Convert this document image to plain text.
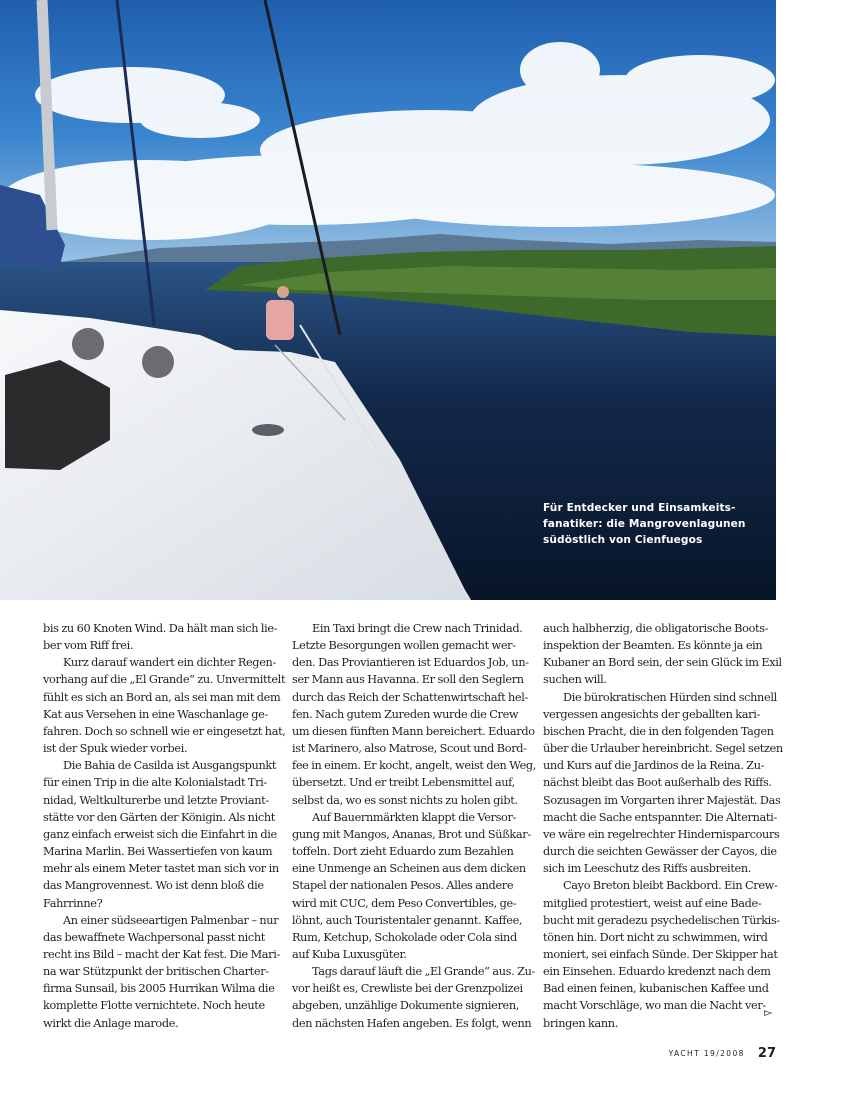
Für Entdecker und Einsamkeits-
fanatiker: die Mangrovenlagunen
südöstlich von Cienfuegos
bis zu 60 Knoten Wind. Da hält man sich lie-
ber vom Riff frei.
Kurz darauf wandert ein dichter Regen-
vorhang auf die „El Grande“ zu. Unvermittelt
fühlt es sich an Bord an, als sei man mit dem
Kat aus Versehen in eine Waschanlage ge-
fahren. Doch so schnell wie er eingesetzt hat,
ist der Spuk wieder vorbei.
Die Bahia de Casilda ist Ausgangspunkt
für einen Trip in die alte Kolonialstadt Tri-
nidad, Weltkulturerbe und letzte Proviant-
stätte vor den Gärten der Königin. Als nicht
ganz einfach erweist sich die Einfahrt in die
Marina Marlin. Bei Wassertiefen von kaum
mehr als einem Meter tastet man sich vor in
das Mangrovennest. Wo ist denn bloß die
Fahrrinne?
An einer südseeartigen Palmenbar – nur
das bewaffnete Wachpersonal passt nicht
recht ins Bild – macht der Kat fest. Die Mari-
na war Stützpunkt der britischen Charter-
firma Sunsail, bis 2005 Hurrikan Wilma die
komplette Flotte vernichtete. Noch heute
wirkt die Anlage marode.
Ein Taxi bringt die Crew nach Trinidad.
Letzte Besorgungen wollen gemacht wer-
den. Das Proviantieren ist Eduardos Job, un-
ser Mann aus Havanna. Er soll den Seglern
durch das Reich der Schattenwirtschaft hel-
fen. Nach gutem Zureden wurde die Crew
um diesen fünften Mann bereichert. Eduardo
ist Marinero, also Matrose, Scout und Bord-
fee in einem. Er kocht, angelt, weist den Weg,
übersetzt. Und er treibt Lebensmittel auf,
selbst da, wo es sonst nichts zu holen gibt.
Auf Bauernmärkten klappt die Versor-
gung mit Mangos, Ananas, Brot und Süßkar-
toffeln. Dort zieht Eduardo zum Bezahlen
eine Unmenge an Scheinen aus dem dicken
Stapel der nationalen Pesos. Alles andere
wird mit CUC, dem Peso Convertibles, ge-
löhnt, auch Touristentaler genannt. Kaffee,
Rum, Ketchup, Schokolade oder Cola sind
auf Kuba Luxusgüter.
Tags darauf läuft die „El Grande“ aus. Zu-
vor heißt es, Crewliste bei der Grenzpolizei
abgeben, unzählige Dokumente signieren,
den nächsten Hafen angeben. Es folgt, wenn
auch halbherzig, die obligatorische Boots-
inspektion der Beamten. Es könnte ja ein
Kubaner an Bord sein, der sein Glück im Exil
suchen will.
Die bürokratischen Hürden sind schnell
vergessen angesichts der geballten kari-
bischen Pracht, die in den folgenden Tagen
über die Urlauber hereinbricht. Segel setzen
und Kurs auf die Jardinos de la Reina. Zu-
nächst bleibt das Boot außerhalb des Riffs.
Sozusagen im Vorgarten ihrer Majestät. Das
macht die Sache entspannter. Die Alternati-
ve wäre ein regelrechter Hindernisparcours
durch die seichten Gewässer der Cayos, die
sich im Leeschutz des Riffs ausbreiten.
Cayo Breton bleibt Backbord. Ein Crew-
mitglied protestiert, weist auf eine Bade-
bucht mit geradezu psychedelischen Türkis-
tönen hin. Dort nicht zu schwimmen, wird
moniert, sei einfach Sünde. Der Skipper hat
ein Einsehen. Eduardo kredenzt nach dem
Bad einen feinen, kubanischen Kaffee und
macht Vorschläge, wo man die Nacht ver-
bringen kann.
▻
YACHT 19/2008 27
